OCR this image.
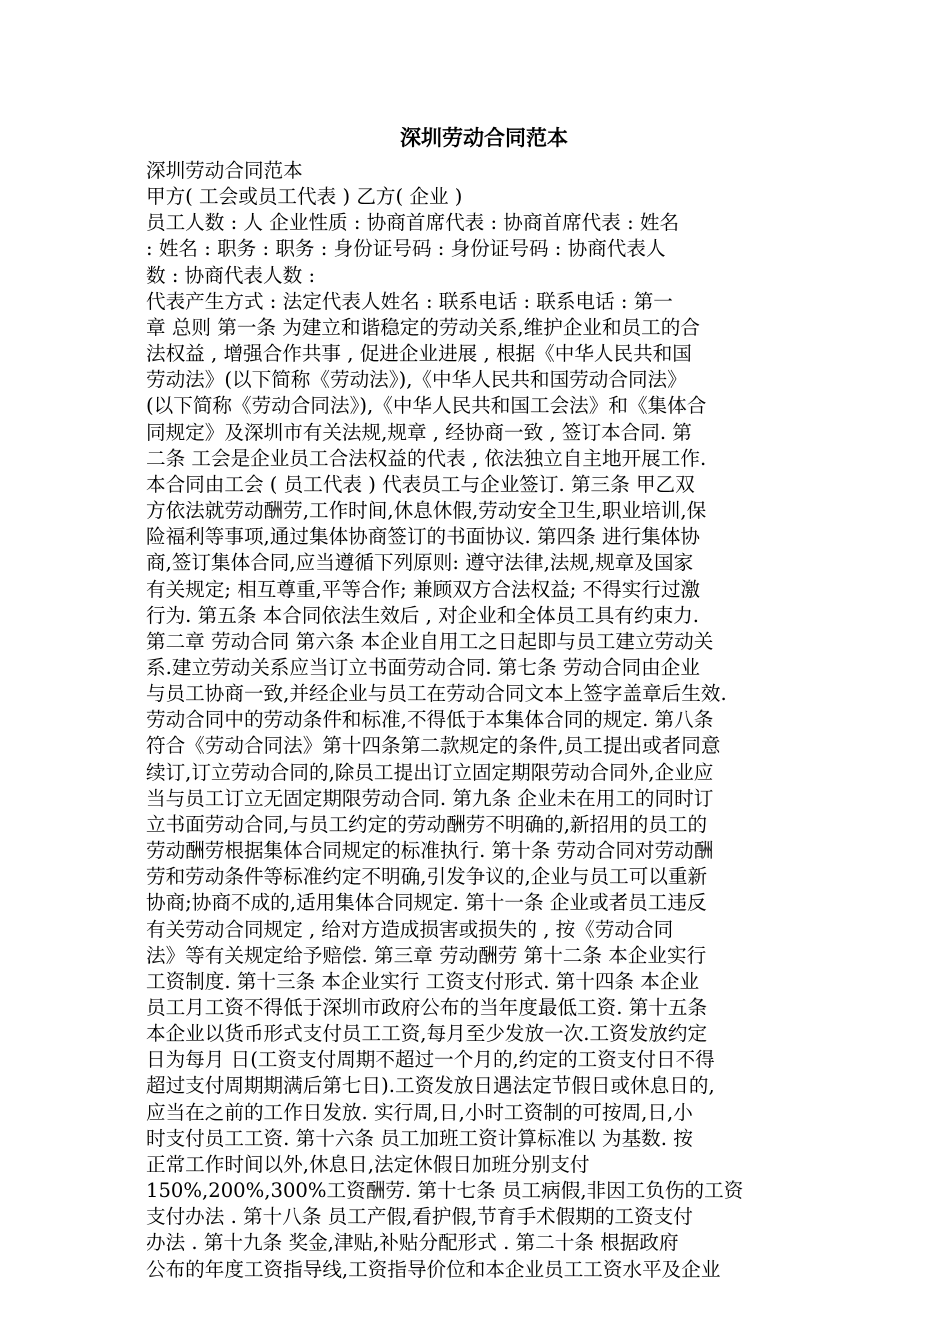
深圳劳动合同范本

深圳劳动合同范本

甲方( 工会或员工代表 ) 乙方( 企业 )

员工人数 : 人 企业性质 : 协商首席代表 : 协商首席代表 : 姓名

: 姓名 : 职务 : 职务 : 身份证号码 : 身份证号码 : 协商代表人

数 : 协商代表人数 :

代表产生方式 : 法定代表人姓名 : 联系电话 : 联系电话 : 第一

章 总则 第一条 为建立和谐稳定的劳动关系,维护企业和员工的合

法权益 , 增强合作共事 , 促进企业进展 , 根据《中华人民共和国

劳动法》(以下简称《劳动法》),《中华人民共和国劳动合同法》

(以下简称《劳动合同法》),《中华人民共和国工会法》和《集体合

同规定》及深圳市有关法规,规章 , 经协商一致 , 签订本合同. 第

二条 工会是企业员工合法权益的代表 , 依法独立自主地开展工作.

本合同由工会 ( 员工代表 ) 代表员工与企业签订. 第三条 甲乙双

方依法就劳动酬劳,工作时间,休息休假,劳动安全卫生,职业培训,保

险福利等事项,通过集体协商签订的书面协议. 第四条 进行集体协

商,签订集体合同,应当遵循下列原则: 遵守法律,法规,规章及国家

有关规定; 相互尊重,平等合作; 兼顾双方合法权益; 不得实行过激

行为. 第五条 本合同依法生效后 , 对企业和全体员工具有约束力.

第二章 劳动合同 第六条 本企业自用工之日起即与员工建立劳动关

系.建立劳动关系应当订立书面劳动合同. 第七条 劳动合同由企业

与员工协商一致,并经企业与员工在劳动合同文本上签字盖章后生效.

劳动合同中的劳动条件和标准,不得低于本集体合同的规定. 第八条

符合《劳动合同法》第十四条第二款规定的条件,员工提出或者同意

续订,订立劳动合同的,除员工提出订立固定期限劳动合同外,企业应

当与员工订立无固定期限劳动合同. 第九条 企业未在用工的同时订

立书面劳动合同,与员工约定的劳动酬劳不明确的,新招用的员工的

劳动酬劳根据集体合同规定的标准执行. 第十条 劳动合同对劳动酬

劳和劳动条件等标准约定不明确,引发争议的,企业与员工可以重新

协商;协商不成的,适用集体合同规定. 第十一条 企业或者员工违反

有关劳动合同规定 , 给对方造成损害或损失的 , 按《劳动合同

法》等有关规定给予赔偿. 第三章 劳动酬劳 第十二条 本企业实行

工资制度. 第十三条 本企业实行 工资支付形式. 第十四条 本企业

员工月工资不得低于深圳市政府公布的当年度最低工资. 第十五条

本企业以货币形式支付员工工资,每月至少发放一次.工资发放约定

日为每月 日(工资支付周期不超过一个月的,约定的工资支付日不得

超过支付周期期满后第七日).工资发放日遇法定节假日或休息日的,

应当在之前的工作日发放. 实行周,日,小时工资制的可按周,日,小

时支付员工工资. 第十六条 员工加班工资计算标准以 为基数. 按

正常工作时间以外,休息日,法定休假日加班分别支付

150%,200%,300%工资酬劳. 第十七条 员工病假,非因工负伤的工资

支付办法 . 第十八条 员工产假,看护假,节育手术假期的工资支付

办法 . 第十九条 奖金,津贴,补贴分配形式 . 第二十条 根据政府

公布的年度工资指导线,工资指导价位和本企业员工工资水平及企业
